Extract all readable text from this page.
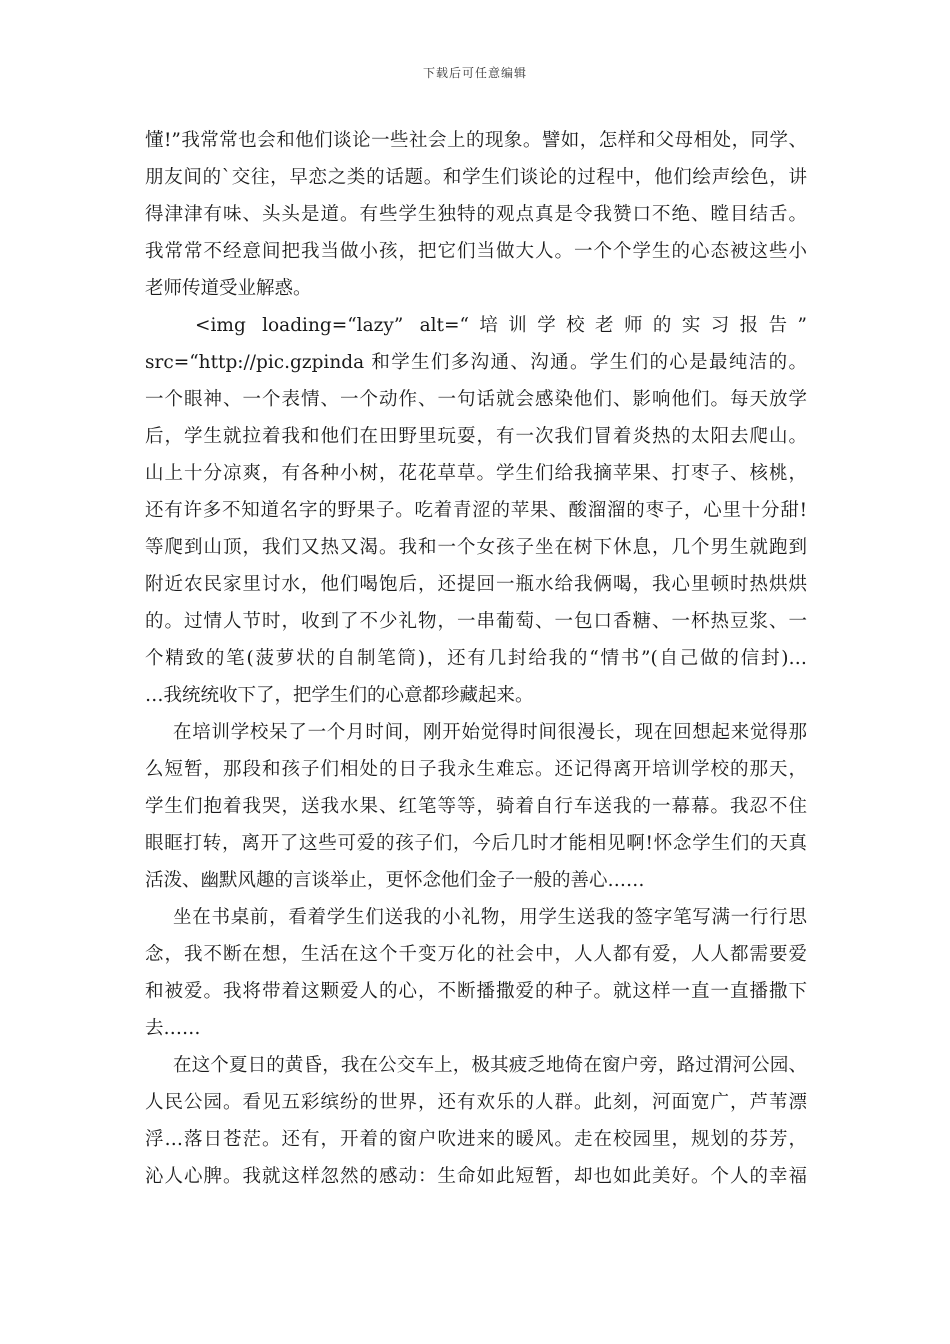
下载后可任意编辑
懂!”我常常也会和他们谈论一些社会上的现象。譬如，怎样和父母相处，同学、
朋友间的`交往，早恋之类的话题。和学生们谈论的过程中，他们绘声绘色，讲
得津津有味、头头是道。有些学生独特的观点真是令我赞口不绝、瞠目结舌。
我常常不经意间把我当做小孩，把它们当做大人。一个个学生的心态被这些小
老师传道受业解惑。
<img loading=“lazy” alt=“培训学校老师的实习报告”
src=“http://pic.gzpinda 和学生们多沟通、沟通。学生们的心是最纯洁的。
一个眼神、一个表情、一个动作、一句话就会感染他们、影响他们。每天放学
后，学生就拉着我和他们在田野里玩耍，有一次我们冒着炎热的太阳去爬山。
山上十分凉爽，有各种小树，花花草草。学生们给我摘苹果、打枣子、核桃，
还有许多不知道名字的野果子。吃着青涩的苹果、酸溜溜的枣子，心里十分甜!
等爬到山顶，我们又热又渴。我和一个女孩子坐在树下休息，几个男生就跑到
附近农民家里讨水，他们喝饱后，还提回一瓶水给我俩喝，我心里顿时热烘烘
的。过情人节时，收到了不少礼物，一串葡萄、一包口香糖、一杯热豆浆、一
个精致的笔(菠萝状的自制笔筒)，还有几封给我的“情书”(自己做的信封)…
…我统统收下了，把学生们的心意都珍藏起来。
在培训学校呆了一个月时间，刚开始觉得时间很漫长，现在回想起来觉得那
么短暂，那段和孩子们相处的日子我永生难忘。还记得离开培训学校的那天，
学生们抱着我哭，送我水果、红笔等等，骑着自行车送我的一幕幕。我忍不住
眼眶打转，离开了这些可爱的孩子们，今后几时才能相见啊!怀念学生们的天真
活泼、幽默风趣的言谈举止，更怀念他们金子一般的善心……
坐在书桌前，看着学生们送我的小礼物，用学生送我的签字笔写满一行行思
念，我不断在想，生活在这个千变万化的社会中，人人都有爱，人人都需要爱
和被爱。我将带着这颗爱人的心，不断播撒爱的种子。就这样一直一直播撒下
去……
在这个夏日的黄昏，我在公交车上，极其疲乏地倚在窗户旁，路过渭河公园、
人民公园。看见五彩缤纷的世界，还有欢乐的人群。此刻，河面宽广，芦苇漂
浮…落日苍茫。还有，开着的窗户吹进来的暖风。走在校园里，规划的芬芳，
沁人心脾。我就这样忽然的感动：生命如此短暂，却也如此美好。个人的幸福
